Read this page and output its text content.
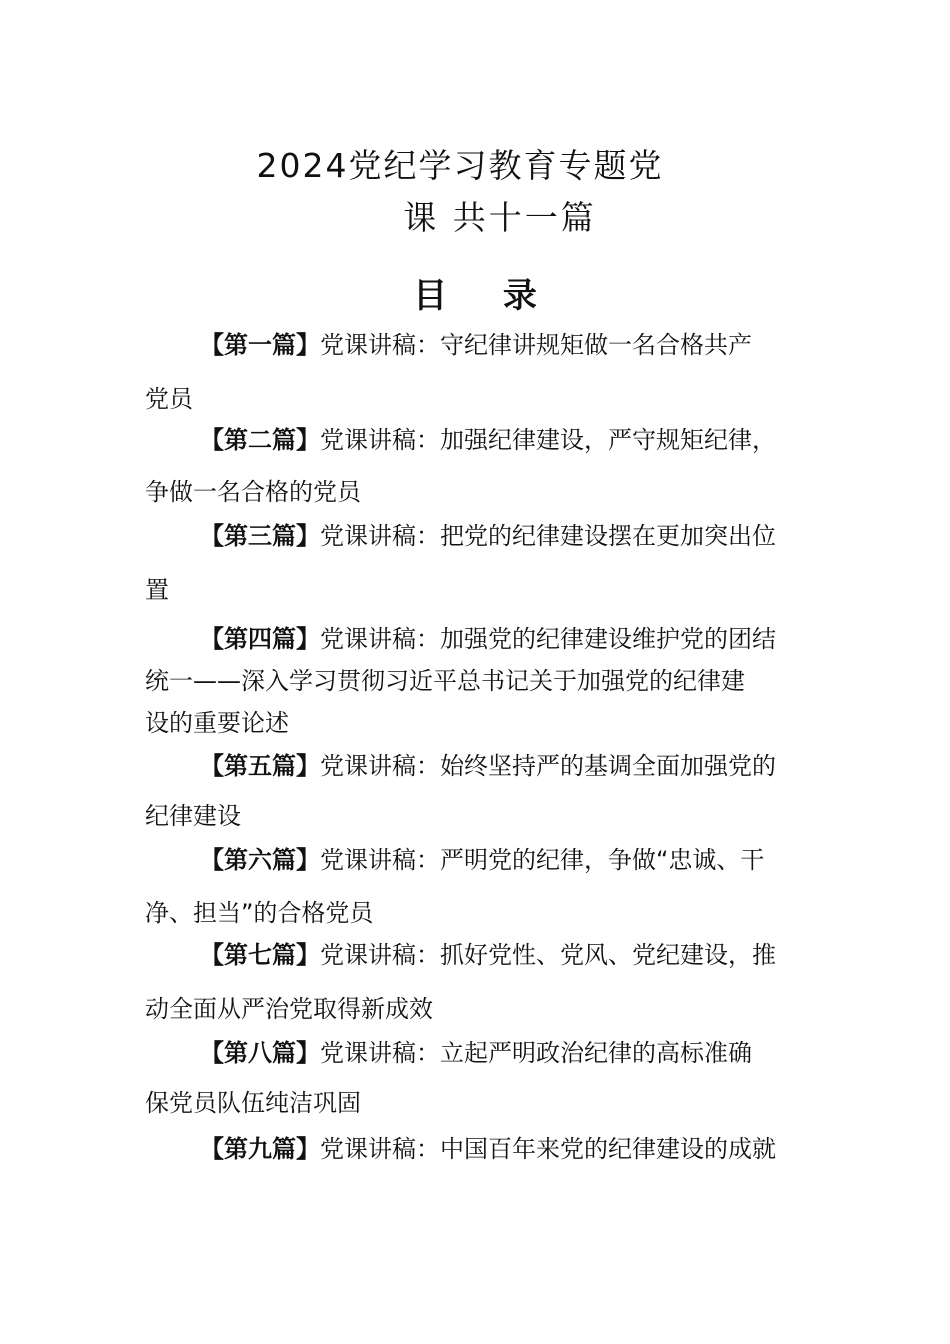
2024党纪学习教育专题党
课 共十一篇
目 录
【第一篇】党课讲稿：守纪律讲规矩做一名合格共产
党员
【第二篇】党课讲稿：加强纪律建设，严守规矩纪律，
争做一名合格的党员
【第三篇】党课讲稿：把党的纪律建设摆在更加突出位
置
【第四篇】党课讲稿：加强党的纪律建设维护党的团结
统一——深入学习贯彻习近平总书记关于加强党的纪律建
设的重要论述
【第五篇】党课讲稿：始终坚持严的基调全面加强党的
纪律建设
【第六篇】党课讲稿：严明党的纪律，争做“忠诚、干
净、担当”的合格党员
【第七篇】党课讲稿：抓好党性、党风、党纪建设，推
动全面从严治党取得新成效
【第八篇】党课讲稿：立起严明政治纪律的高标准确
保党员队伍纯洁巩固
【第九篇】党课讲稿：中国百年来党的纪律建设的成就
